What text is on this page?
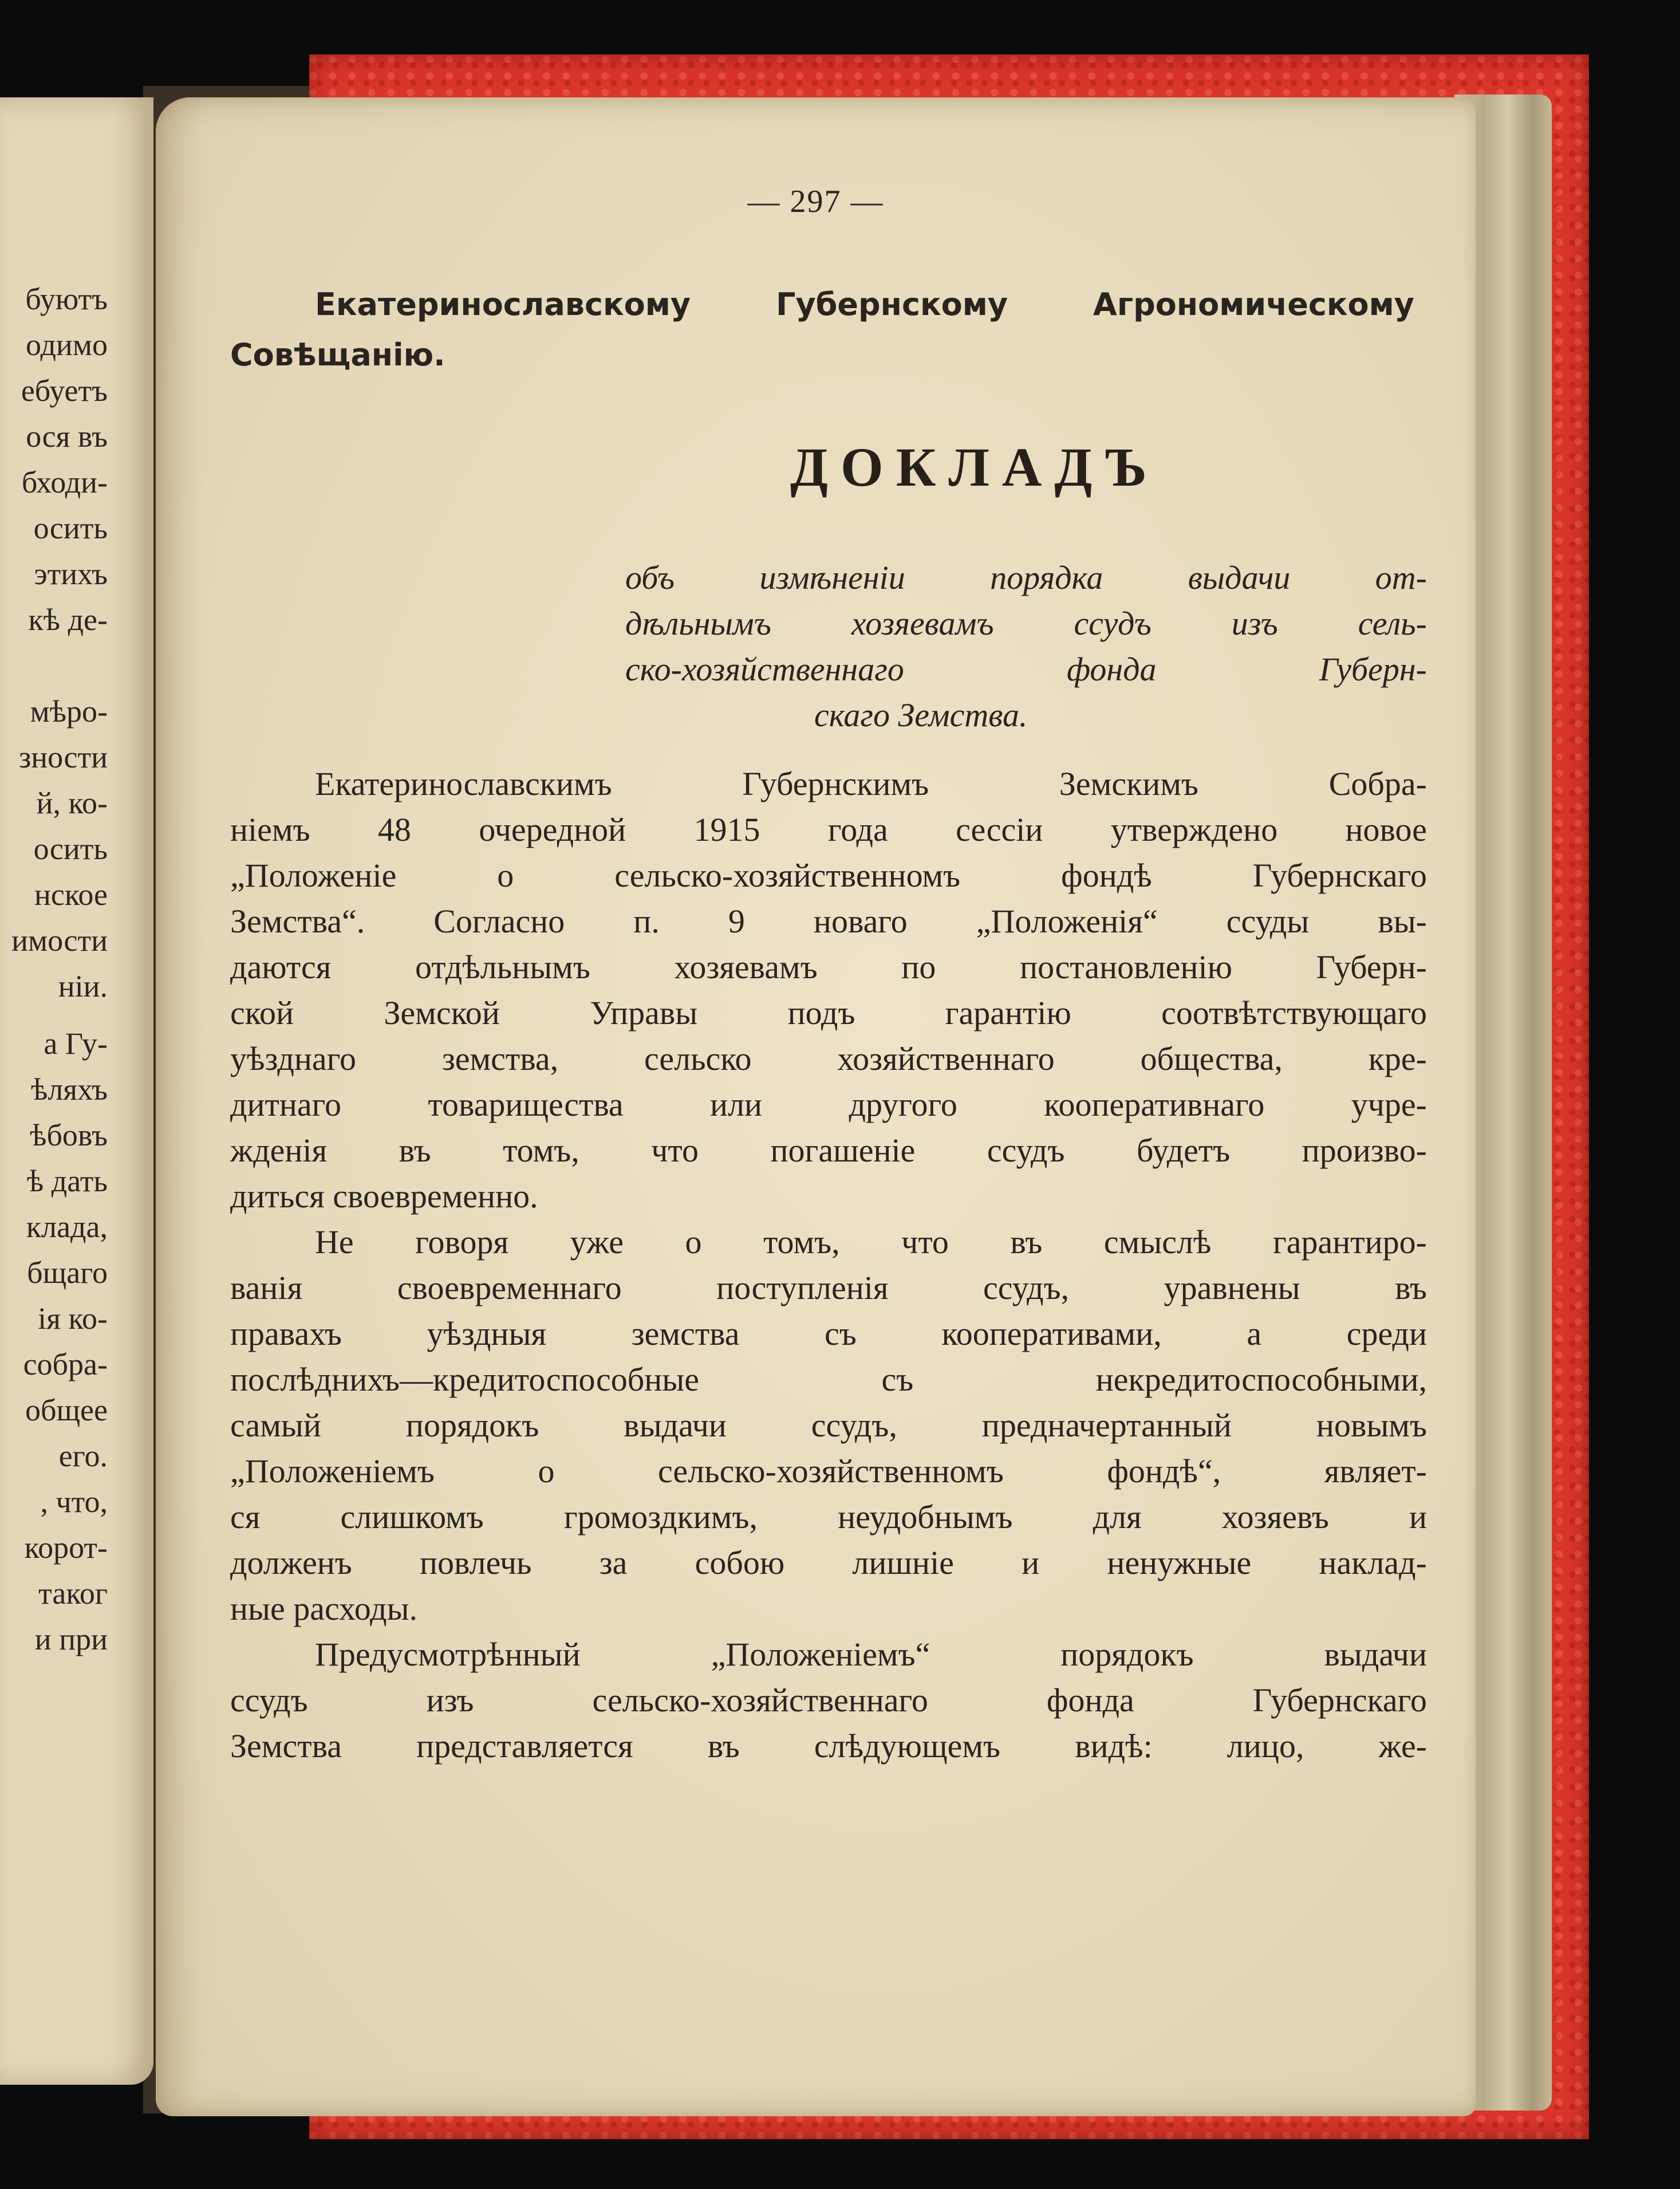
буютъ
одимо
ебуетъ
ося въ
бходи-
осить
этихъ
кѣ де-
мѣро-
зности
й, ко-
осить
нское
имости
ніи.
а Гу-
ѣляхъ
ѣбовъ
ѣ дать
клада,
бщаго
ія ко-
собра-
общее
его.
, что,
корот-
таког
и при
— 297 —
Екатеринославскому Губернскому Агрономическому
Совѣщанію.
ДОКЛАДЪ
объ измѣненіи порядка выдачи от-
дѣльнымъ хозяевамъ ссудъ изъ сель-
ско-хозяйственнаго фонда Губерн-
скаго Земства.
Екатеринославскимъ Губернскимъ Земскимъ Собра-
ніемъ 48 очередной 1915 года сессіи утверждено новое
„Положеніе о сельско-хозяйственномъ фондѣ Губернскаго
Земства“. Согласно п. 9 новаго „Положенія“ ссуды вы-
даются отдѣльнымъ хозяевамъ по постановленію Губерн-
ской Земской Управы подъ гарантію соотвѣтствующаго
уѣзднаго земства, сельско хозяйственнаго общества, кре-
дитнаго товарищества или другого кооперативнаго учре-
жденія въ томъ, что погашеніе ссудъ будетъ произво-
диться своевременно.
Не говоря уже о томъ, что въ смыслѣ гарантиро-
ванія своевременнаго поступленія ссудъ, уравнены въ
правахъ уѣздныя земства съ кооперативами, а среди
послѣднихъ—кредитоспособные съ некредитоспособными,
самый порядокъ выдачи ссудъ, предначертанный новымъ
„Положеніемъ о сельско-хозяйственномъ фондѣ“, являет-
ся слишкомъ громоздкимъ, неудобнымъ для хозяевъ и
долженъ повлечь за собою лишніе и ненужные наклад-
ные расходы.
Предусмотрѣнный „Положеніемъ“ порядокъ выдачи
ссудъ изъ сельско-хозяйственнаго фонда Губернскаго
Земства представляется въ слѣдующемъ видѣ: лицо, же-
